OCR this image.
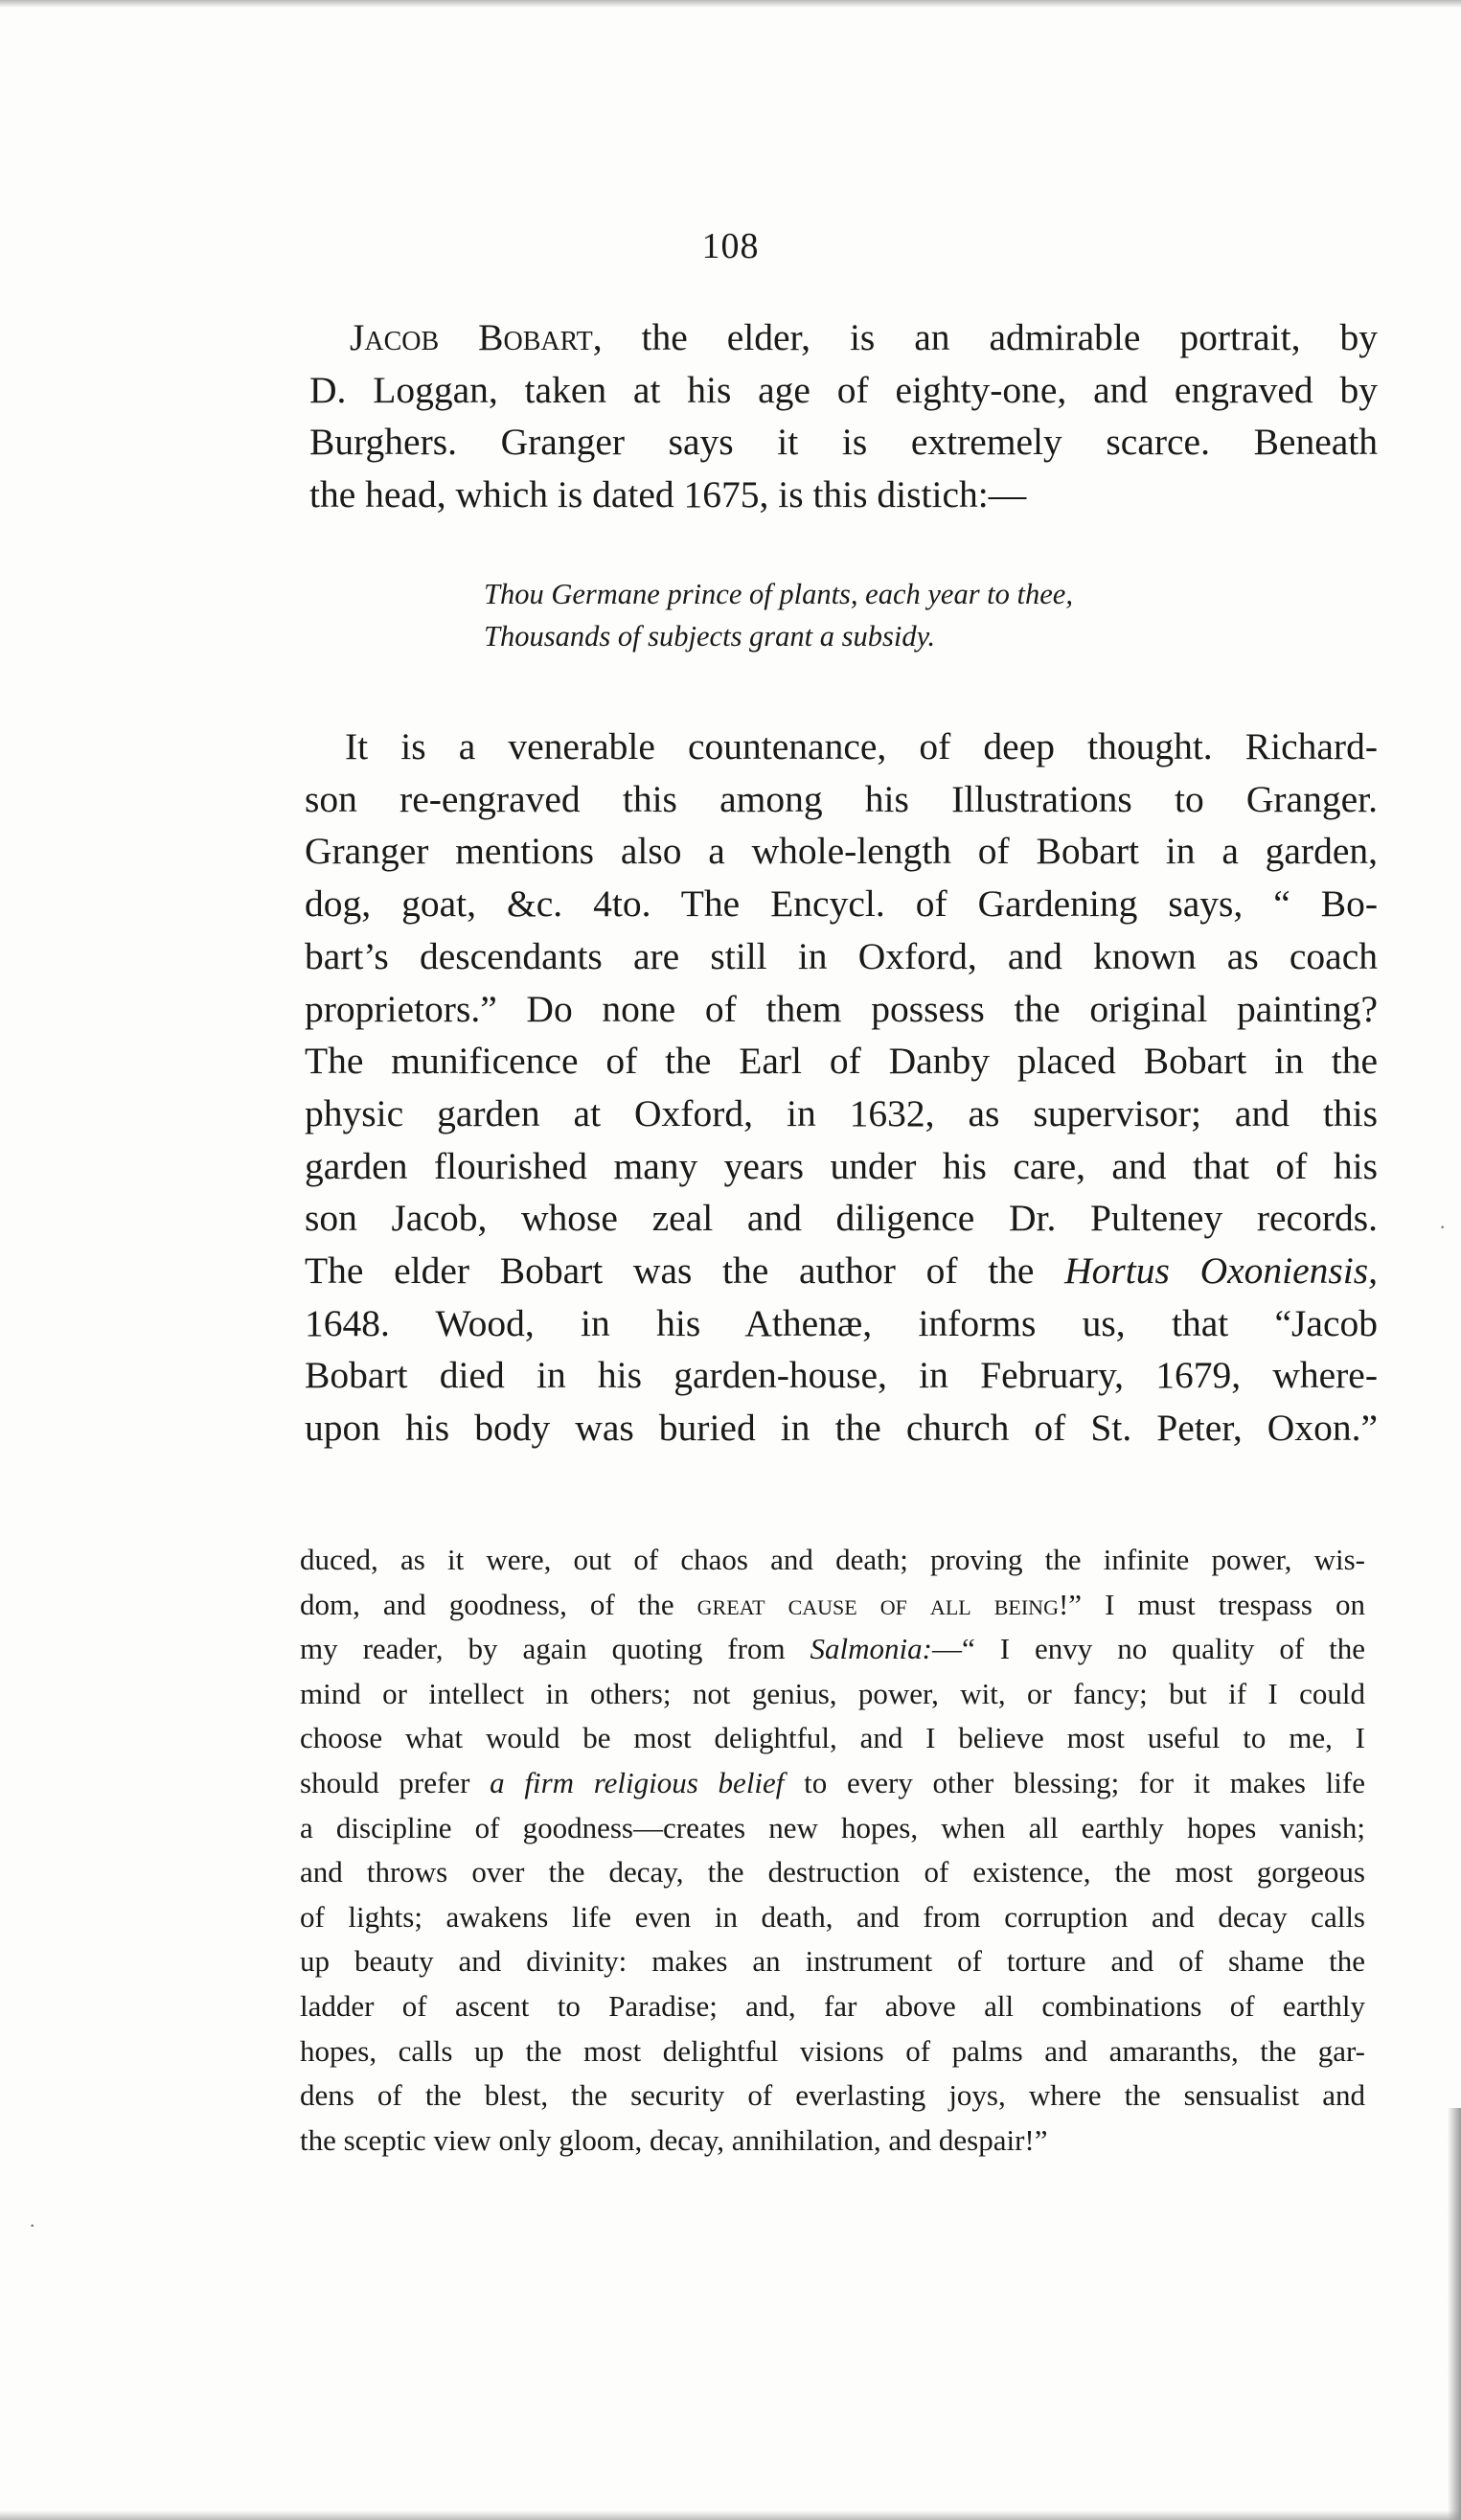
108
Jacob Bobart, the elder, is an admirable portrait, by
D. Loggan, taken at his age of eighty-one, and engraved by
Burghers. Granger says it is extremely scarce. Beneath
the head, which is dated 1675, is this distich:—
Thou Germane prince of plants, each year to thee,
Thousands of subjects grant a subsidy.
It is a venerable countenance, of deep thought. Richard-
son re-engraved this among his Illustrations to Granger.
Granger mentions also a whole-length of Bobart in a garden,
dog, goat, &c. 4to. The Encycl. of Gardening says, “ Bo-
bart’s descendants are still in Oxford, and known as coach
proprietors.” Do none of them possess the original painting?
The munificence of the Earl of Danby placed Bobart in the
physic garden at Oxford, in 1632, as supervisor; and this
garden flourished many years under his care, and that of his
son Jacob, whose zeal and diligence Dr. Pulteney records.
The elder Bobart was the author of the Hortus Oxoniensis,
1648. Wood, in his Athenæ, informs us, that “Jacob
Bobart died in his garden-house, in February, 1679, where-
upon his body was buried in the church of St. Peter, Oxon.”
duced, as it were, out of chaos and death; proving the infinite power, wis-
dom, and goodness, of the great cause of all being!” I must trespass on
my reader, by again quoting from Salmonia:—“ I envy no quality of the
mind or intellect in others; not genius, power, wit, or fancy; but if I could
choose what would be most delightful, and I believe most useful to me, I
should prefer a firm religious belief to every other blessing; for it makes life
a discipline of goodness—creates new hopes, when all earthly hopes vanish;
and throws over the decay, the destruction of existence, the most gorgeous
of lights; awakens life even in death, and from corruption and decay calls
up beauty and divinity: makes an instrument of torture and of shame the
ladder of ascent to Paradise; and, far above all combinations of earthly
hopes, calls up the most delightful visions of palms and amaranths, the gar-
dens of the blest, the security of everlasting joys, where the sensualist and
the sceptic view only gloom, decay, annihilation, and despair!”
·
·
